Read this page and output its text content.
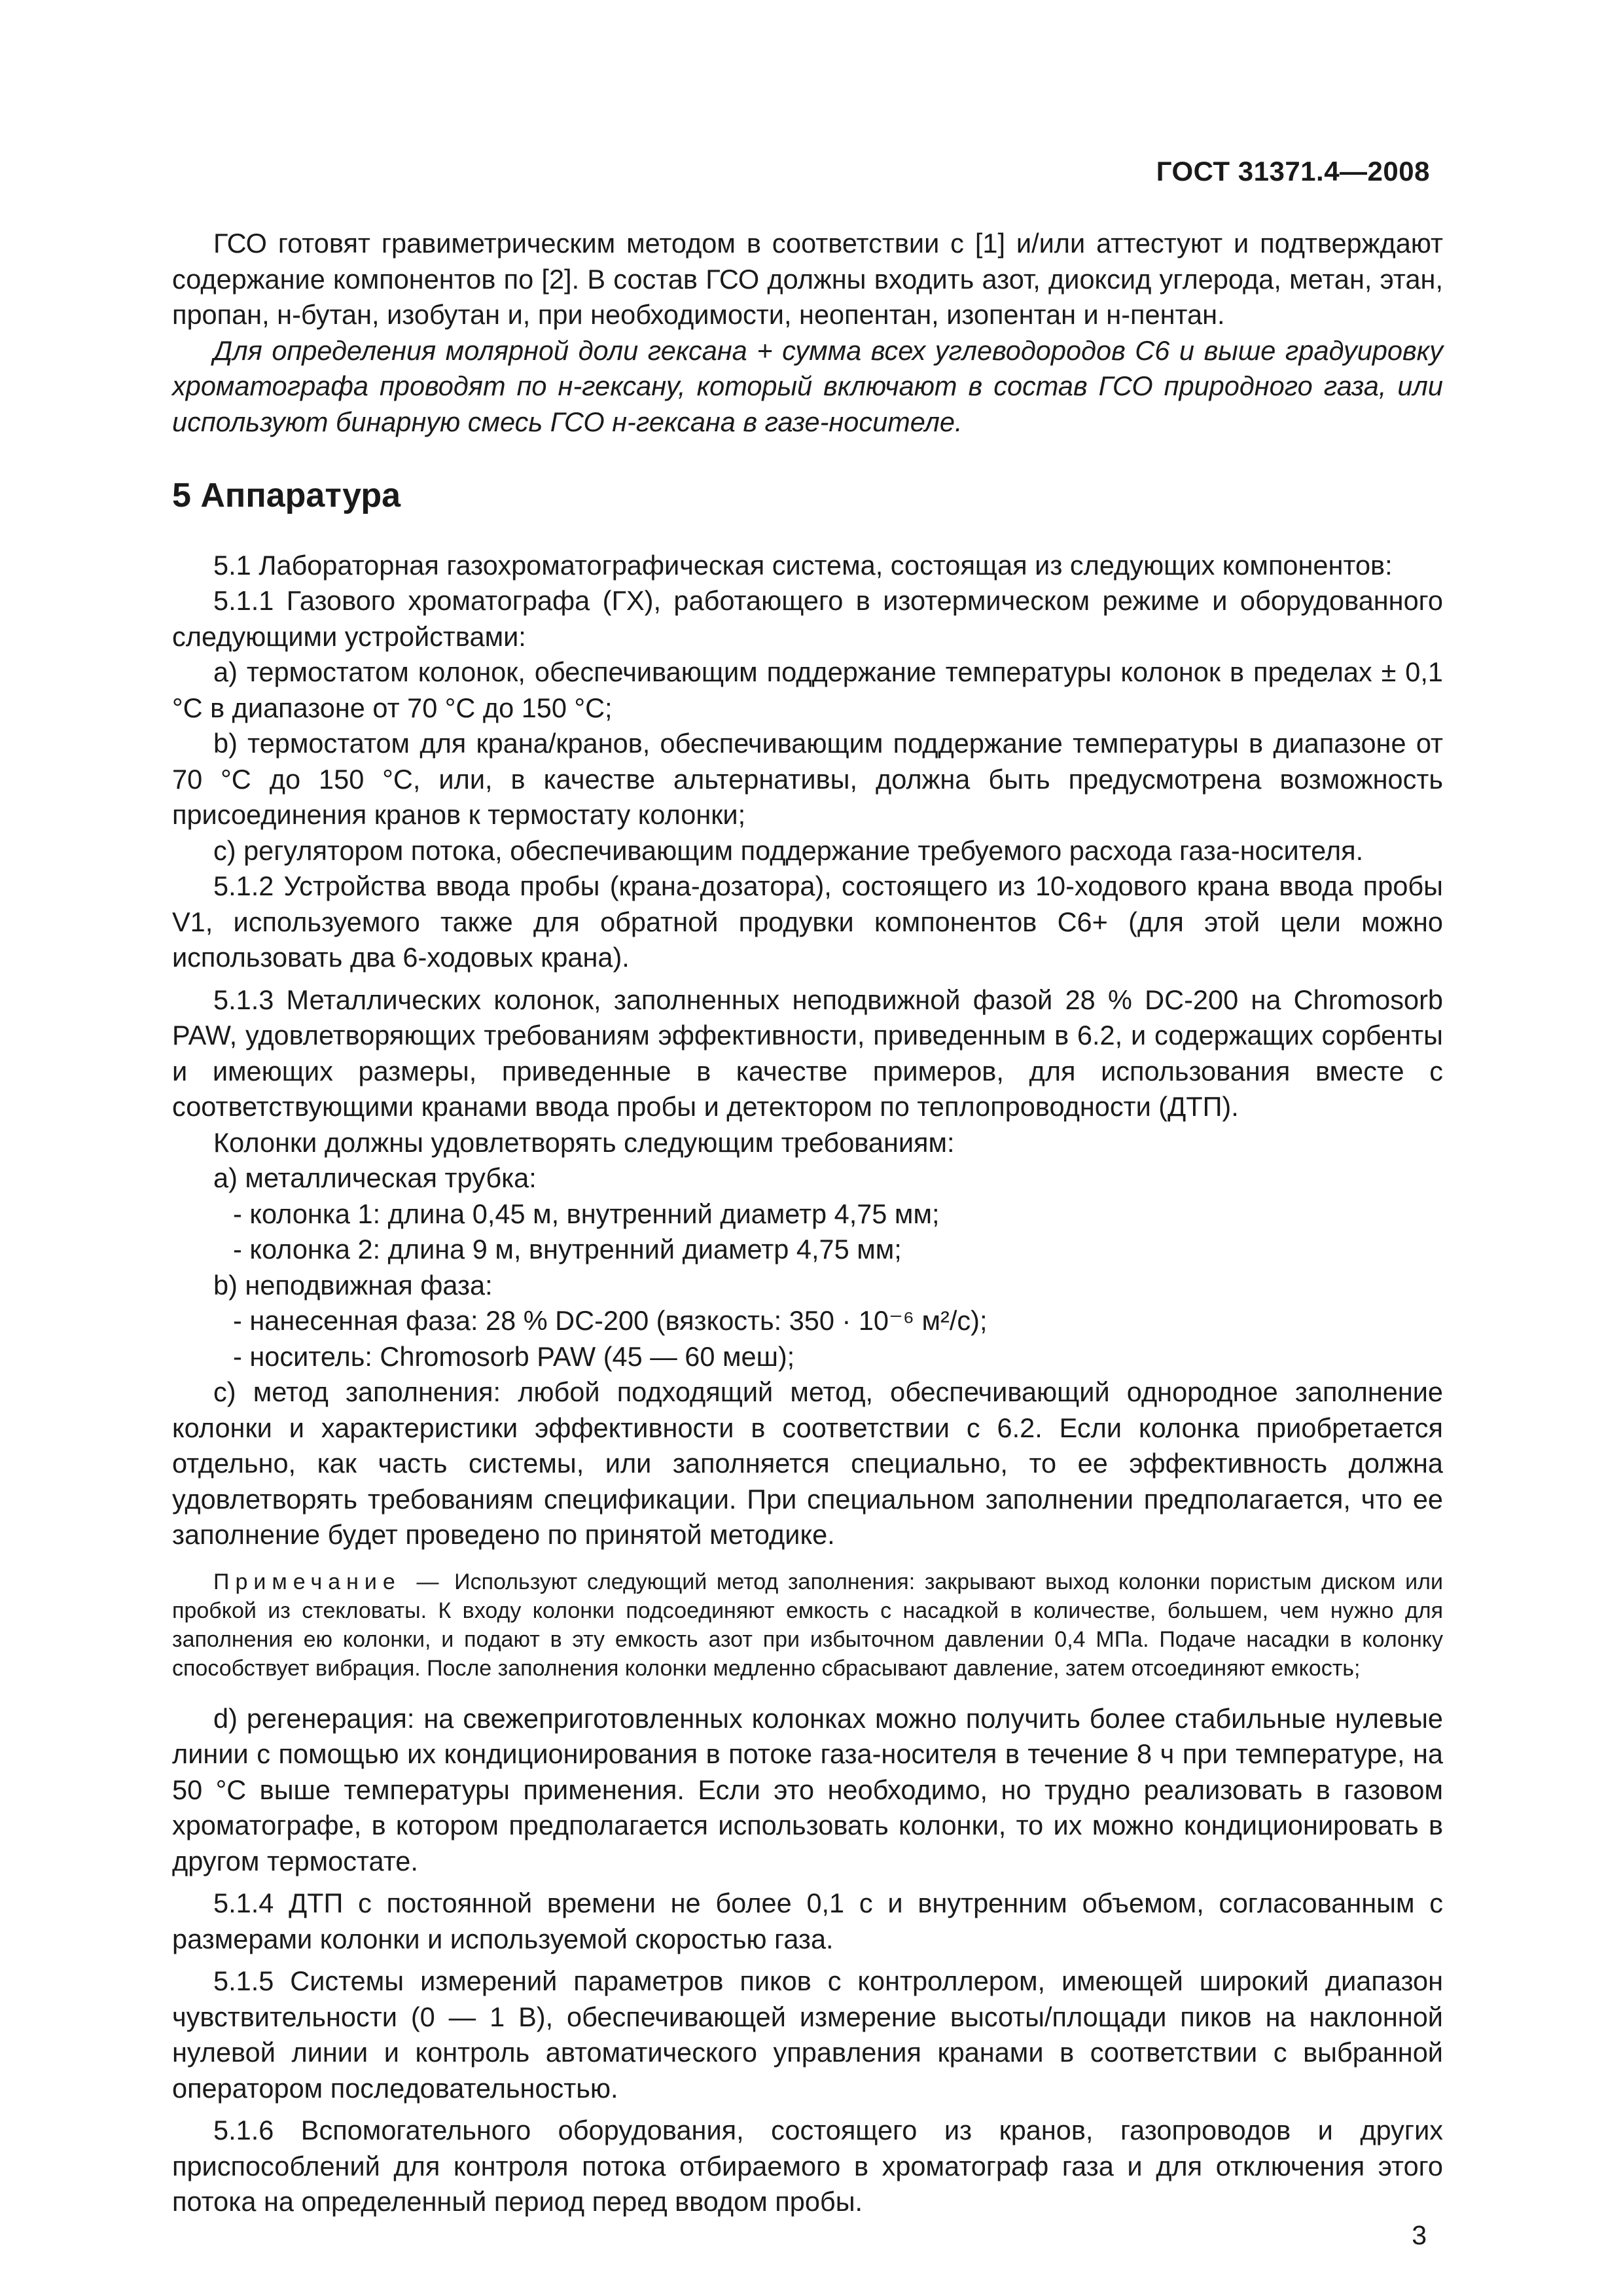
ГОСТ 31371.4—2008

ГСО готовят гравиметрическим методом в соответствии с [1] и/или аттестуют и подтверждают содержание компонентов по [2]. В состав ГСО должны входить азот, диоксид углерода, метан, этан, пропан, н-бутан, изобутан и, при необходимости, неопентан, изопентан и н-пентан.

Для определения молярной доли гексана + сумма всех углеводородов С6 и выше градуировку хроматографа проводят по н-гексану, который включают в состав ГСО природного газа, или используют бинарную смесь ГСО н-гексана в газе-носителе.

5 Аппаратура

5.1 Лабораторная газохроматографическая система, состоящая из следующих компонентов:

5.1.1 Газового хроматографа (ГХ), работающего в изотермическом режиме и оборудованного следующими устройствами:

a) термостатом колонок, обеспечивающим поддержание температуры колонок в пределах ± 0,1 °С в диапазоне от 70 °С до 150 °С;

b) термостатом для крана/кранов, обеспечивающим поддержание температуры в диапазоне от 70 °С до 150 °С, или, в качестве альтернативы, должна быть предусмотрена возможность присоединения кранов к термостату колонки;

c) регулятором потока, обеспечивающим поддержание требуемого расхода газа-носителя.

5.1.2 Устройства ввода пробы (крана-дозатора), состоящего из 10-ходового крана ввода пробы V1, используемого также для обратной продувки компонентов С6+ (для этой цели можно использовать два 6-ходовых крана).

5.1.3 Металлических колонок, заполненных неподвижной фазой 28 % DC-200 на Chromosorb PAW, удовлетворяющих требованиям эффективности, приведенным в 6.2, и содержащих сорбенты и имеющих размеры, приведенные в качестве примеров, для использования вместе с соответствующими кранами ввода пробы и детектором по теплопроводности (ДТП).

Колонки должны удовлетворять следующим требованиям:

a) металлическая трубка:

- колонка 1: длина 0,45 м, внутренний диаметр 4,75 мм;

- колонка 2: длина 9 м, внутренний диаметр 4,75 мм;

b) неподвижная фаза:

- нанесенная фаза: 28 % DC-200 (вязкость: 350 · 10⁻⁶ м²/с);

- носитель: Chromosorb PAW (45 — 60 меш);

c) метод заполнения: любой подходящий метод, обеспечивающий однородное заполнение колонки и характеристики эффективности в соответствии с 6.2. Если колонка приобретается отдельно, как часть системы, или заполняется специально, то ее эффективность должна удовлетворять требованиям спецификации. При специальном заполнении предполагается, что ее заполнение будет проведено по принятой методике.

Примечание — Используют следующий метод заполнения: закрывают выход колонки пористым диском или пробкой из стекловаты. К входу колонки подсоединяют емкость с насадкой в количестве, большем, чем нужно для заполнения ею колонки, и подают в эту емкость азот при избыточном давлении 0,4 МПа. Подаче насадки в колонку способствует вибрация. После заполнения колонки медленно сбрасывают давление, затем отсоединяют емкость;

d) регенерация: на свежеприготовленных колонках можно получить более стабильные нулевые линии с помощью их кондиционирования в потоке газа-носителя в течение 8 ч при температуре, на 50 °С выше температуры применения. Если это необходимо, но трудно реализовать в газовом хроматографе, в котором предполагается использовать колонки, то их можно кондиционировать в другом термостате.

5.1.4 ДТП с постоянной времени не более 0,1 с и внутренним объемом, согласованным с размерами колонки и используемой скоростью газа.

5.1.5 Системы измерений параметров пиков с контроллером, имеющей широкий диапазон чувствительности (0 — 1 В), обеспечивающей измерение высоты/площади пиков на наклонной нулевой линии и контроль автоматического управления кранами в соответствии с выбранной оператором последовательностью.

5.1.6 Вспомогательного оборудования, состоящего из кранов, газопроводов и других приспособлений для контроля потока отбираемого в хроматограф газа и для отключения этого потока на определенный период перед вводом пробы.

3
